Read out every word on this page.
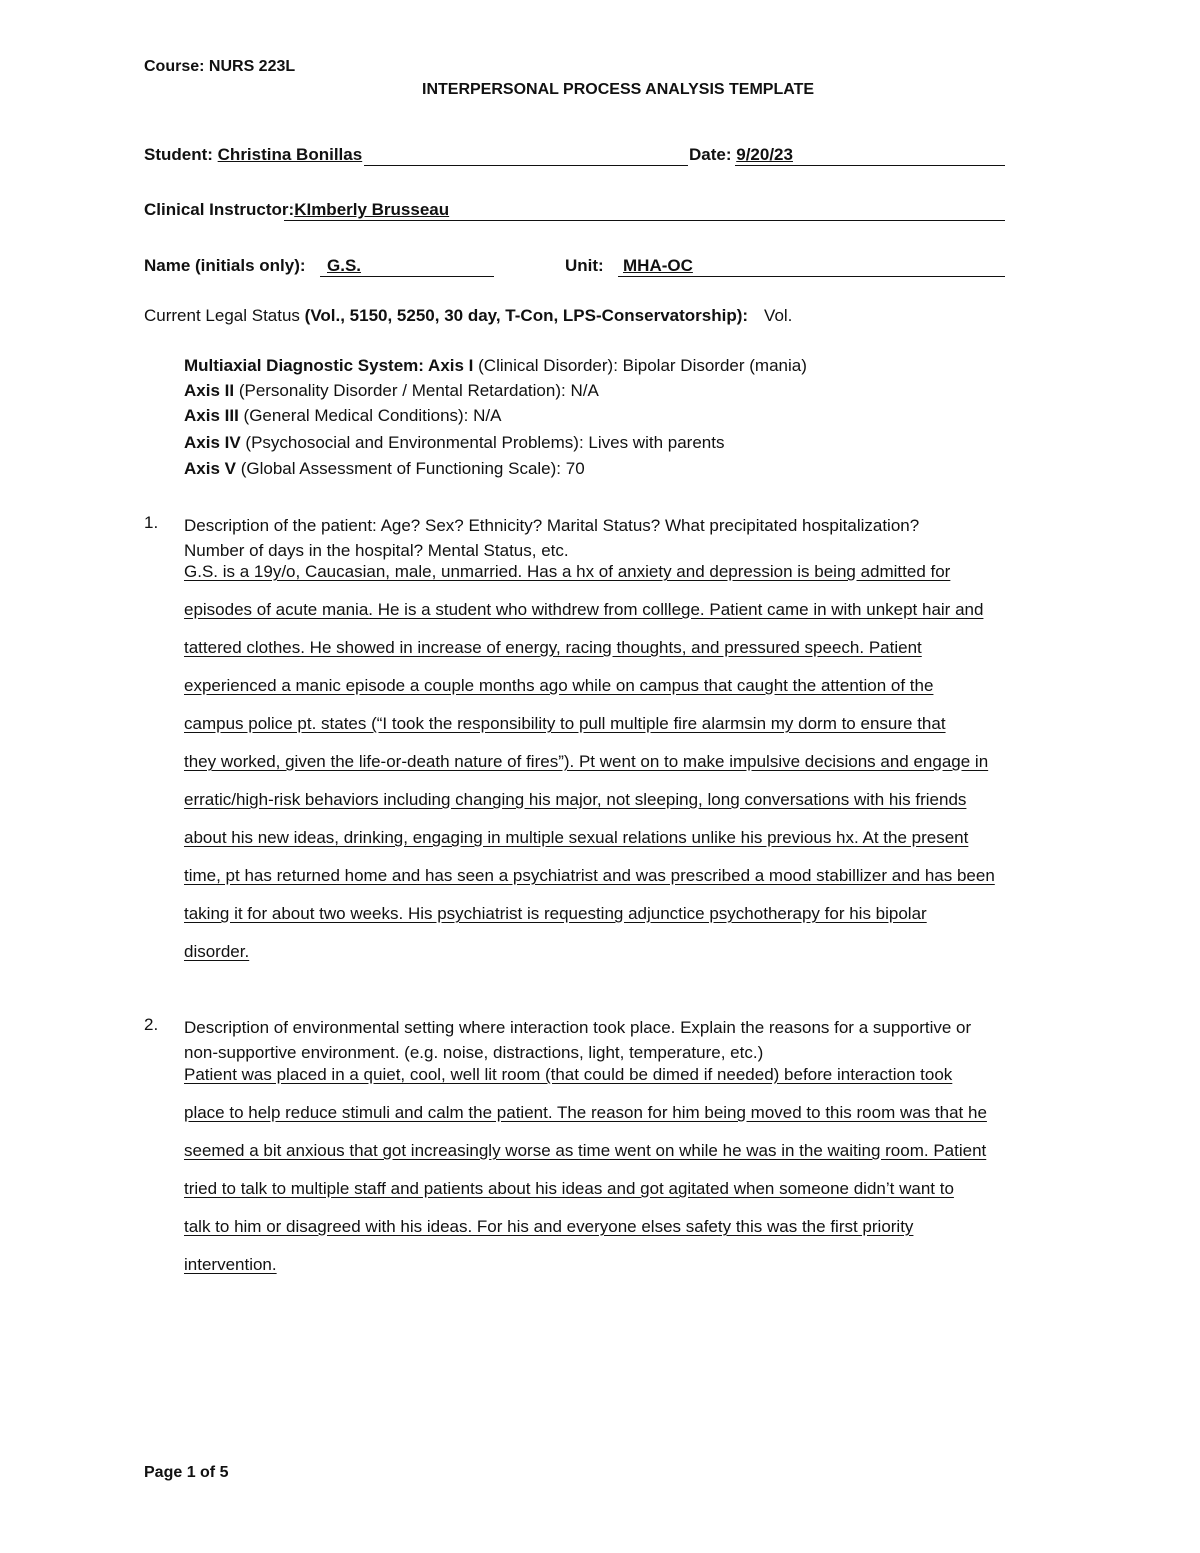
Course: NURS 223L
INTERPERSONAL PROCESS ANALYSIS TEMPLATE
Student: Christina Bonillas	Date: 9/20/23
Clinical Instructor:KImberly Brusseau
Name (initials only): G.S.	Unit: MHA-OC
Current Legal Status (Vol., 5150, 5250, 30 day, T-Con, LPS-Conservatorship): Vol.
Multiaxial Diagnostic System: Axis I (Clinical Disorder): Bipolar Disorder (mania)
Axis II (Personality Disorder / Mental Retardation): N/A
Axis III (General Medical Conditions): N/A
Axis IV (Psychosocial and Environmental Problems): Lives with parents
Axis V (Global Assessment of Functioning Scale): 70
1. Description of the patient: Age? Sex? Ethnicity? Marital Status? What precipitated hospitalization?
Number of days in the hospital? Mental Status, etc.
G.S. is a 19y/o, Caucasian, male, unmarried. Has a hx of anxiety and depression is being admitted for
episodes of acute mania. He is a student who withdrew from colllege. Patient came in with unkept hair and
tattered clothes. He showed in increase of energy, racing thoughts, and pressured speech. Patient
experienced a manic episode a couple months ago while on campus that caught the attention of the
campus police pt. states (“I took the responsibility to pull multiple fire alarmsin my dorm to ensure that
they worked, given the life-or-death nature of fires”). Pt went on to make impulsive decisions and engage in
erratic/high-risk behaviors including changing his major, not sleeping, long conversations with his friends
about his new ideas, drinking, engaging in multiple sexual relations unlike his previous hx. At the present
time, pt has returned home and has seen a psychiatrist and was prescribed a mood stabillizer and has been
taking it for about two weeks. His psychiatrist is requesting adjunctice psychotherapy for his bipolar
disorder.
2. Description of environmental setting where interaction took place. Explain the reasons for a supportive or
non-supportive environment. (e.g. noise, distractions, light, temperature, etc.)
Patient was placed in a quiet, cool, well lit room (that could be dimed if needed) before interaction took
place to help reduce stimuli and calm the patient. The reason for him being moved to this room was that he
seemed a bit anxious that got increasingly worse as time went on while he was in the waiting room. Patient
tried to talk to multiple staff and patients about his ideas and got agitated when someone didn’t want to
talk to him or disagreed with his ideas. For his and everyone elses safety this was the first priority
intervention.
Page 1 of 5
